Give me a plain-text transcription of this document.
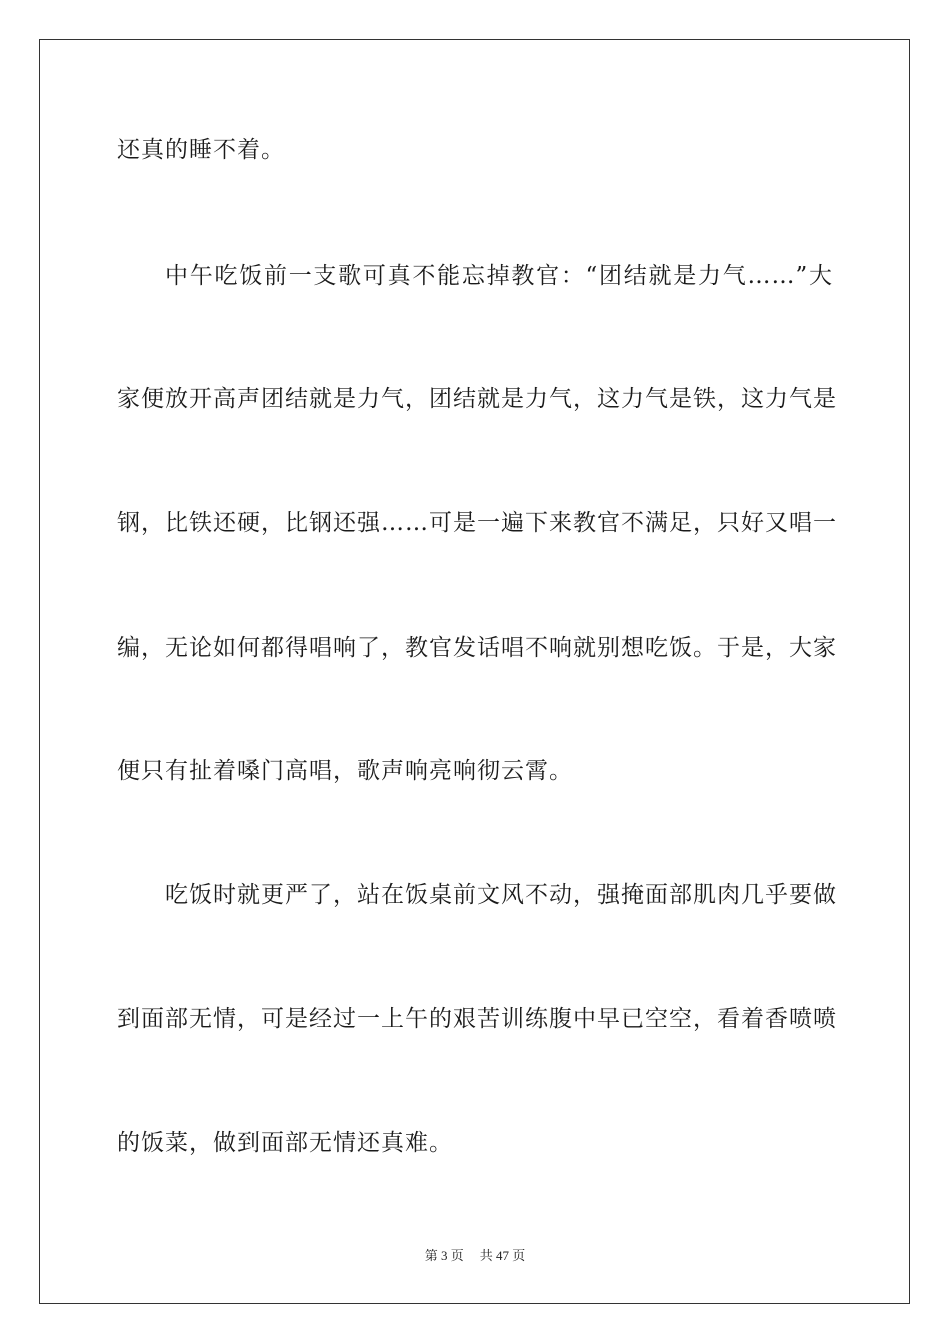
还真的睡不着。
中午吃饭前一支歌可真不能忘掉教官：“团结就是力气……”大
家便放开高声团结就是力气，团结就是力气，这力气是铁，这力气是
钢，比铁还硬，比钢还强……可是一遍下来教官不满足，只好又唱一
编，无论如何都得唱响了，教官发话唱不响就别想吃饭。于是，大家
便只有扯着嗓门高唱，歌声响亮响彻云霄。
吃饭时就更严了，站在饭桌前文风不动，强掩面部肌肉几乎要做
到面部无情，可是经过一上午的艰苦训练腹中早已空空，看着香喷喷
的饭菜，做到面部无情还真难。
第 3 页 共 47 页
